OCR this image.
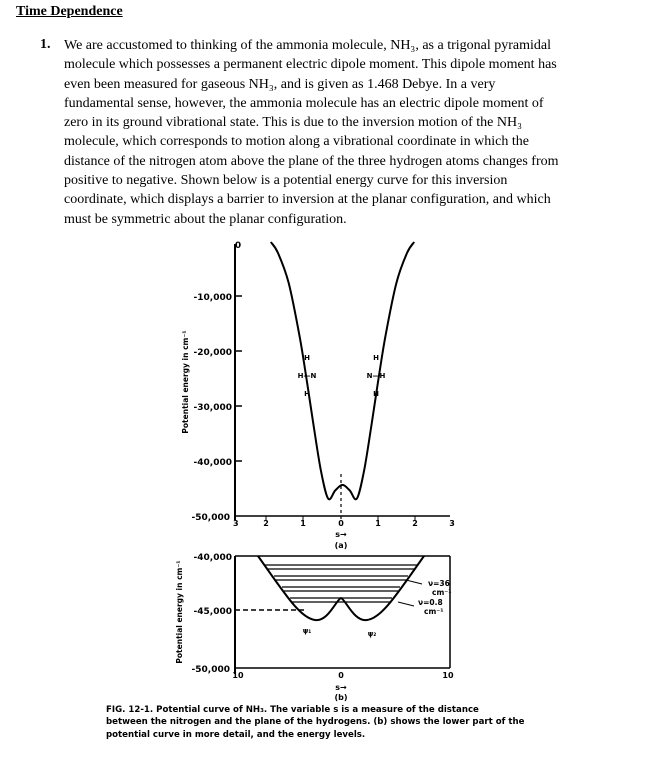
Time Dependence
1. We are accustomed to thinking of the ammonia molecule, NH₃, as a trigonal pyramidal
molecule which possesses a permanent electric dipole moment. This dipole moment has
even been measured for gaseous NH₃, and is given as 1.468 Debye. In a very
fundamental sense, however, the ammonia molecule has an electric dipole moment of
zero in its ground vibrational state. This is due to the inversion motion of the NH₃
molecule, which corresponds to motion along a vibrational coordinate in which the
distance of the nitrogen atom above the plane of the three hydrogen atoms changes from
positive to negative. Shown below is a potential energy curve for this inversion
coordinate, which displays a barrier to inversion at the planar configuration, and which
must be symmetric about the planar configuration.
0
-10,000
-20,000
-30,000
-40,000
-50,000
Potential energy in cm⁻¹
3	2	1	0	1	2	3
s→
(a)
H
H—N
H
H
N—H
H
-40,000
-45,000
-50,000
Potential energy in cm⁻¹
10	0	10
s→
(b)
ψ₁	ψ₂
ν=36
cm⁻¹
ν=0.8
cm⁻¹
FIG. 12-1. Potential curve of NH₃. The variable s is a measure of the distance
between the nitrogen and the plane of the hydrogens. (b) shows the lower part of the
potential curve in more detail, and the energy levels.
